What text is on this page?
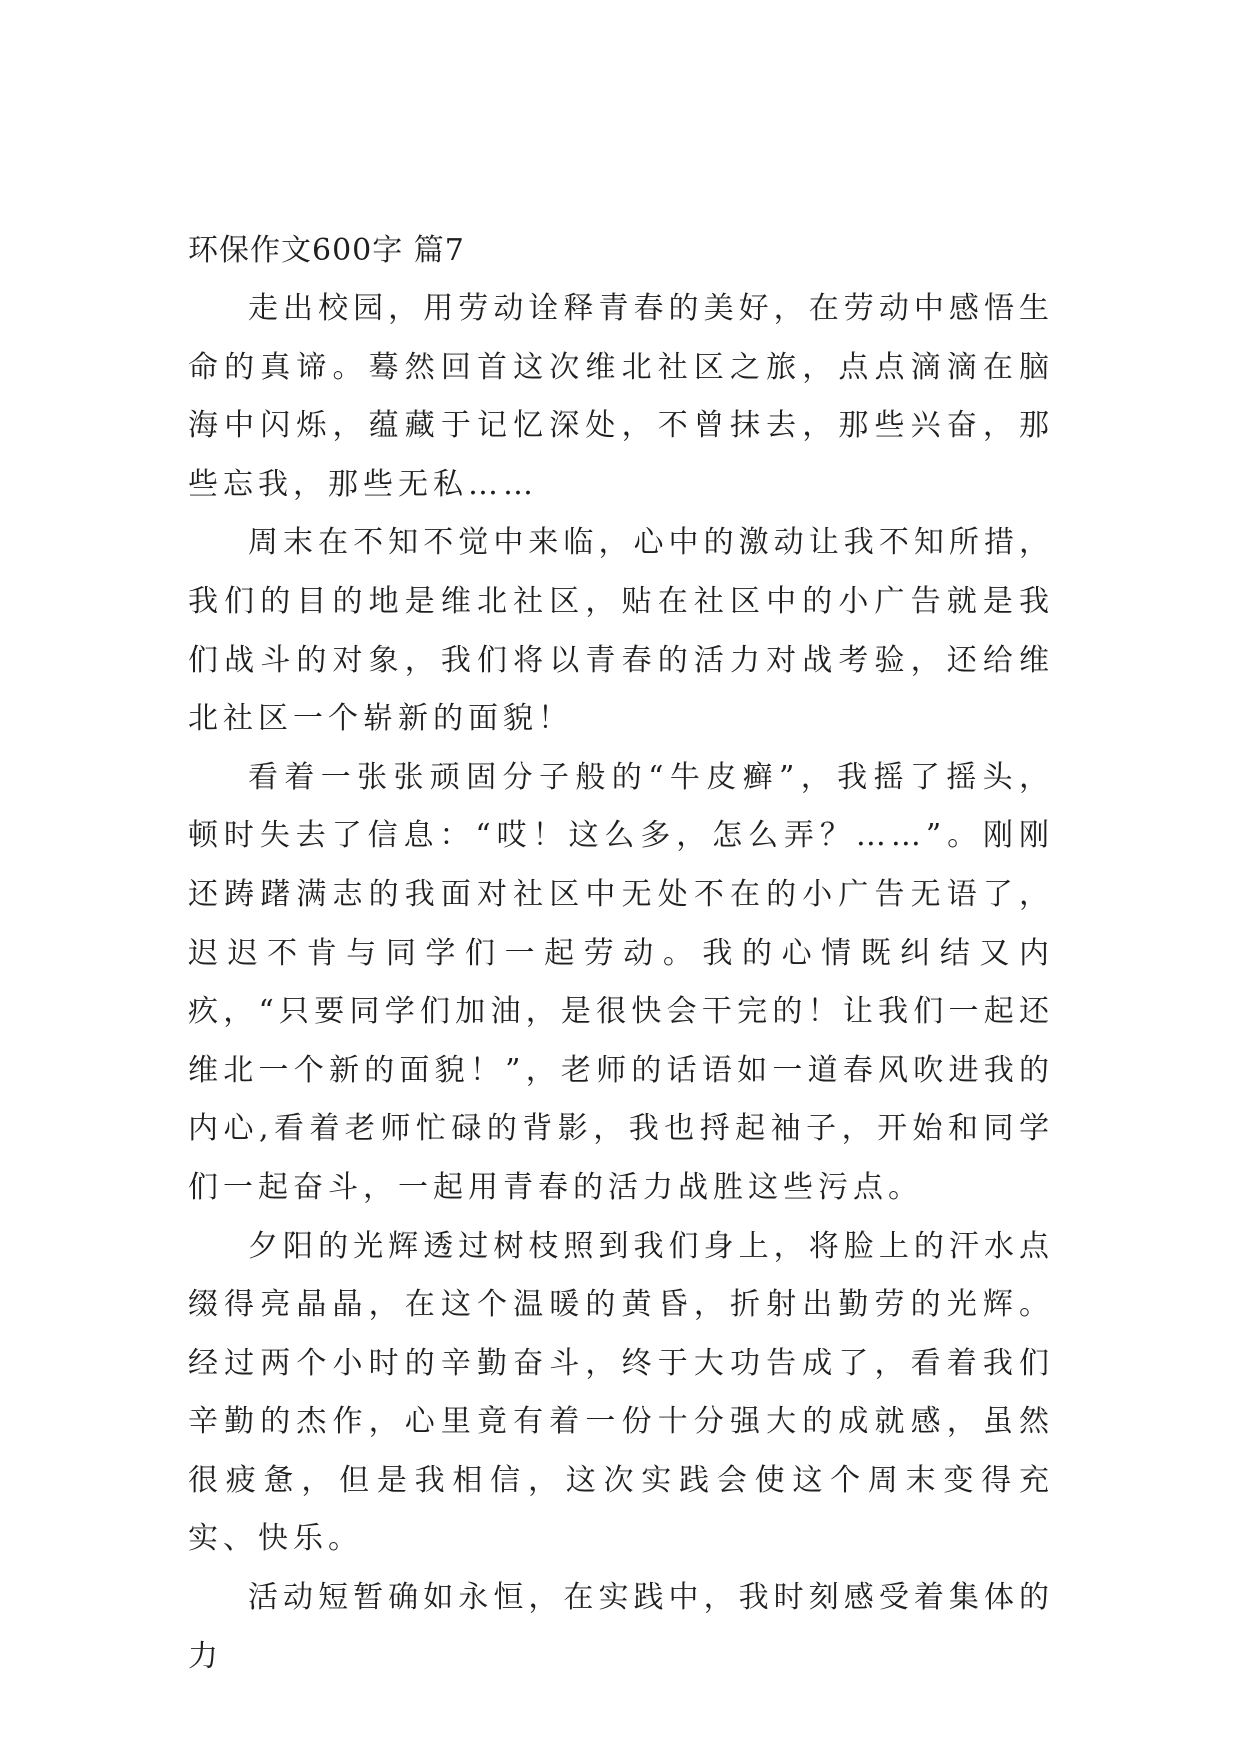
环保作文600字 篇7

走出校园，用劳动诠释青春的美好，在劳动中感悟生命的真谛。蓦然回首这次维北社区之旅，点点滴滴在脑海中闪烁，蕴藏于记忆深处，不曾抹去，那些兴奋，那些忘我，那些无私……

周末在不知不觉中来临，心中的激动让我不知所措，我们的目的地是维北社区，贴在社区中的小广告就是我们战斗的对象，我们将以青春的活力对战考验，还给维北社区一个崭新的面貌！

看着一张张顽固分子般的“牛皮癣”，我摇了摇头，顿时失去了信息：“哎！这么多，怎么弄？……”。刚刚还踌躇满志的我面对社区中无处不在的小广告无语了，迟迟不肯与同学们一起劳动。我的心情既纠结又内疚，“只要同学们加油，是很快会干完的！让我们一起还维北一个新的面貌！”，老师的话语如一道春风吹进我的内心,看着老师忙碌的背影，我也捋起袖子，开始和同学们一起奋斗，一起用青春的活力战胜这些污点。

夕阳的光辉透过树枝照到我们身上，将脸上的汗水点缀得亮晶晶，在这个温暖的黄昏，折射出勤劳的光辉。经过两个小时的辛勤奋斗，终于大功告成了，看着我们辛勤的杰作，心里竟有着一份十分强大的成就感，虽然很疲惫，但是我相信，这次实践会使这个周末变得充实、快乐。

活动短暂确如永恒，在实践中，我时刻感受着集体的力
